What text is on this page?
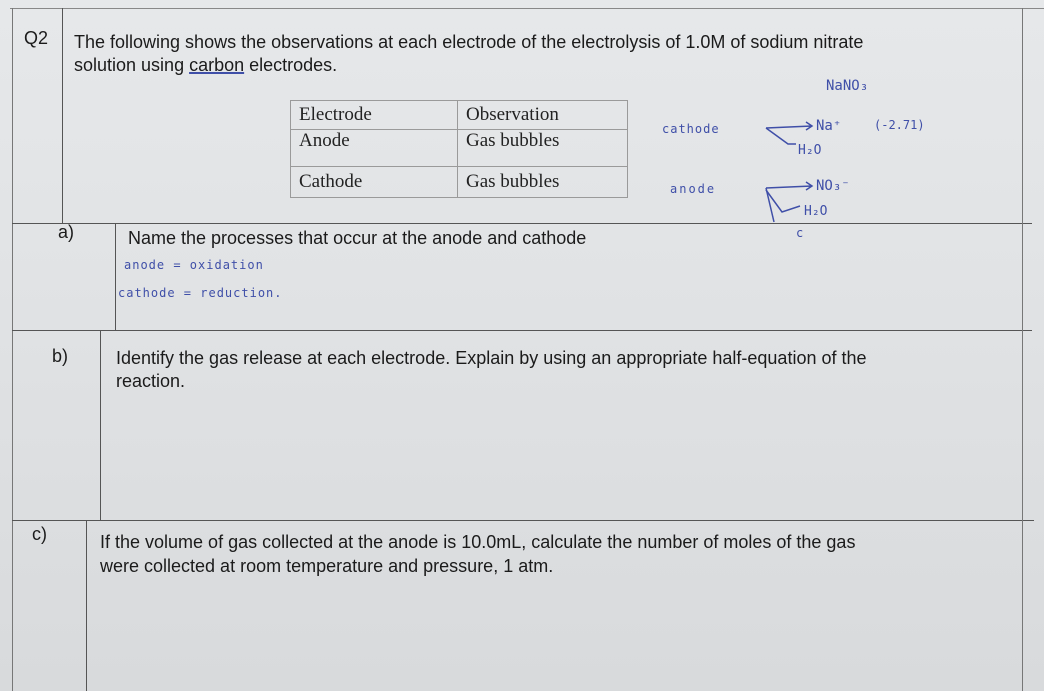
Q2 The following shows the observations at each electrode of the electrolysis of 1.0M of sodium nitrate
solution using carbon electrodes.
Electrode	Observation
Anode	Gas bubbles
Cathode	Gas bubbles
NaNO₃
cathode	Na⁺	(-2.71)
H₂O
anode	NO₃⁻
H₂O
c
a)	Name the processes that occur at the anode and cathode
anode = oxidation
cathode = reduction.
b)	Identify the gas release at each electrode. Explain by using an appropriate half-equation of the
reaction.
c)	If the volume of gas collected at the anode is 10.0mL, calculate the number of moles of the gas
were collected at room temperature and pressure, 1 atm.
